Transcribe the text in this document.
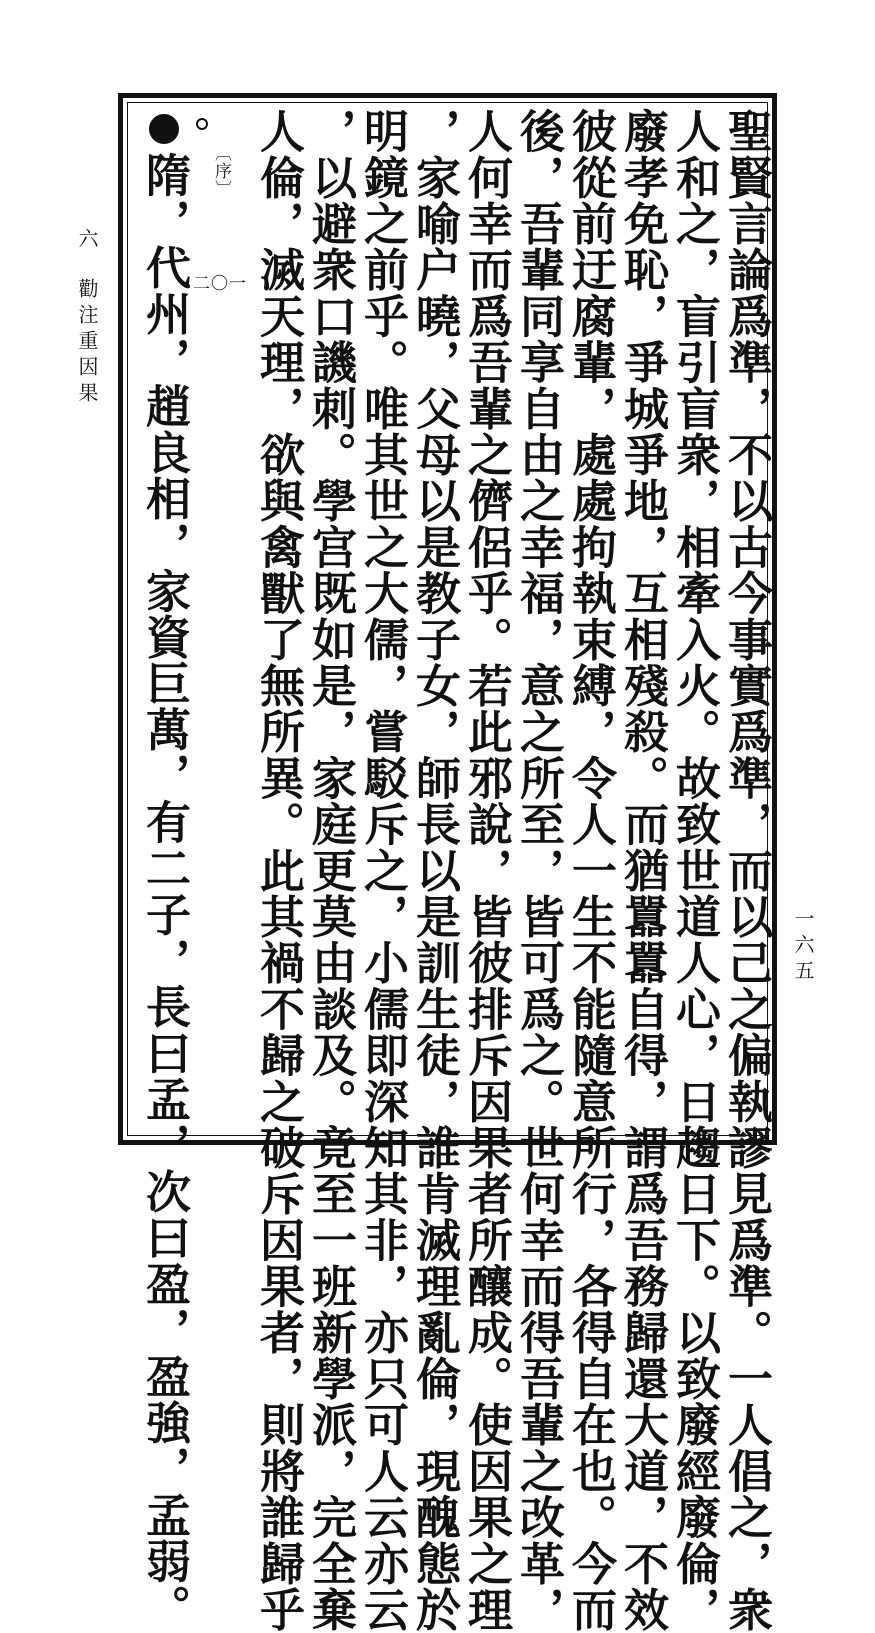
六
勸注重因果
一六五
聖賢言論爲準，不以古今事實爲準，而以己之偏執謬見爲準。一人倡之，衆
人和之，盲引盲衆，相牽入火。故致世道人心，日趨日下。以致廢經廢倫，
廢孝免恥，爭城爭地，互相殘殺。而猶囂囂自得，謂爲吾務歸還大道，不效
彼從前迂腐輩，處處拘執束縛，令人一生不能隨意所行，各得自在也。今而
後，吾輩同享自由之幸福，意之所至，皆可爲之。世何幸而得吾輩之改革，
人何幸而爲吾輩之儕侶乎。若此邪說，皆彼排斥因果者所釀成。使因果之理
，家喻户曉，父母以是教子女，師長以是訓生徒，誰肯滅理亂倫，現醜態於
明鏡之前乎。唯其世之大儒，嘗駁斥之，小儒即深知其非，亦只可人云亦云
，以避衆口譏刺。學宫既如是，家庭更莫由談及。竟至一班新學派，完全棄
人倫，滅天理，欲與禽獸了無所異。此其禍不歸之破斥因果者，則將誰歸乎
〔序〕
一〇二
隋，代州，趙良相，家資巨萬，有二子，長曰孟，次曰盈，盈強，孟弱。
